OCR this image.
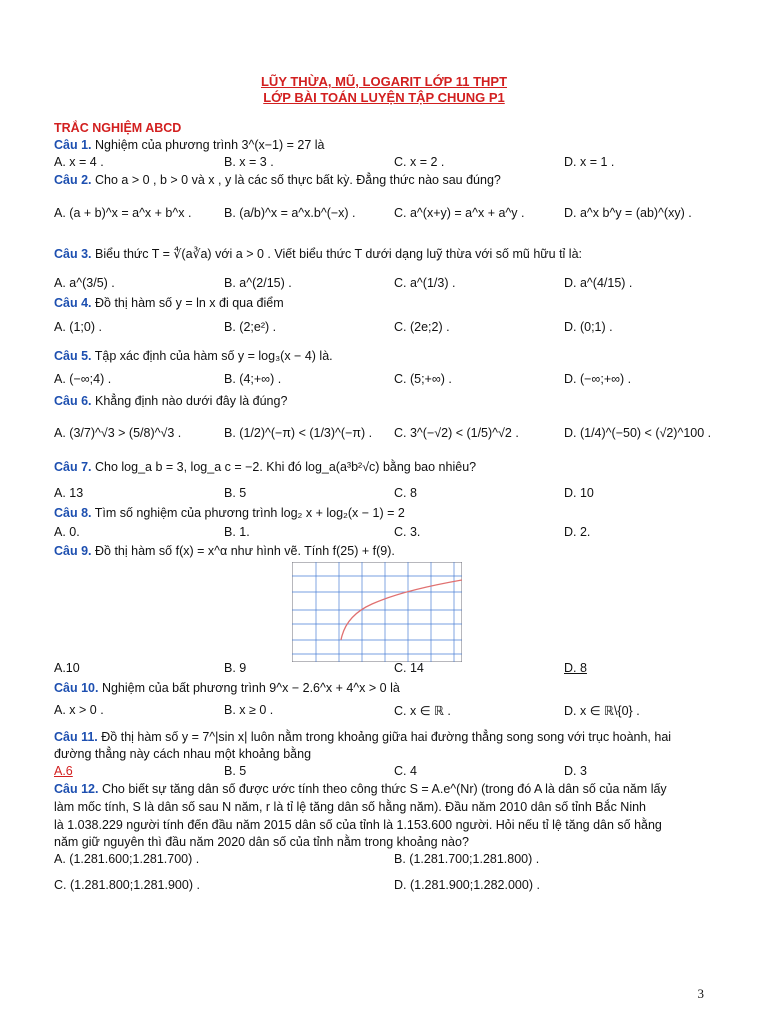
LŨY THỪA, MŨ, LOGARIT LỚP 11 THPT
LỚP BÀI TOÁN LUYỆN TẬP CHUNG P1
TRẮC NGHIỆM ABCD
Câu 1. Nghiệm của phương trình 3^(x−1) = 27 là
A. x = 4 .	B. x = 3 .	C. x = 2 .	D. x = 1 .
Câu 2. Cho a > 0 , b > 0 và x , y là các số thực bất kỳ. Đẳng thức nào sau đúng?
A. (a + b)^x = a^x + b^x .	B. (a/b)^x = a^x.b^(−x) .	C. a^(x+y) = a^x + a^y .	D. a^x b^y = (ab)^(xy) .
Câu 3. Biểu thức T = ∜(a∛a) với a > 0 . Viết biểu thức T dưới dạng luỹ thừa với số mũ hữu tỉ là:
A. a^(3/5) .	B. a^(2/15) .	C. a^(1/3) .	D. a^(4/15) .
Câu 4. Đồ thị hàm số y = ln x đi qua điểm
A. (1;0) .	B. (2;e²) .	C. (2e;2) .	D. (0;1) .
Câu 5. Tập xác định của hàm số y = log₃(x − 4) là.
A. (−∞;4) .	B. (4;+∞) .	C. (5;+∞) .	D. (−∞;+∞) .
Câu 6. Khẳng định nào dưới đây là đúng?
A. (3/7)^√3 > (5/8)^√3 .	B. (1/2)^(−π) < (1/3)^(−π) . C. 3^(−√2) < (1/5)^√2 .	D. (1/4)^(−50) < (√2)^100 .
Câu 7. Cho log_a b = 3, log_a c = −2. Khi đó log_a(a³b²√c) bằng bao nhiêu?
A. 13	B. 5	C. 8	D. 10
Câu 8. Tìm số nghiệm của phương trình log₂ x + log₂(x − 1) = 2
A. 0.	B. 1.	C. 3.	D. 2.
Câu 9. Đồ thị hàm số f(x) = x^α như hình vẽ. Tính f(25) + f(9).
A.10	B. 9	C. 14	D. 8
Câu 10. Nghiệm của bất phương trình 9^x − 2.6^x + 4^x > 0 là
A. x > 0 .	B. x ≥ 0 .	C. x ∈ ℝ .	D. x ∈ ℝ\{0} .
Câu 11. Đồ thị hàm số y = 7^|sin x| luôn nằm trong khoảng giữa hai đường thẳng song song với trục hoành, hai
đường thẳng này cách nhau một khoảng bằng
A.6	B. 5	C. 4	D. 3
Câu 12. Cho biết sự tăng dân số được ước tính theo công thức S = A.e^(Nr) (trong đó A là dân số của năm lấy
làm mốc tính, S là dân số sau N năm, r là tỉ lệ tăng dân số hằng năm). Đầu năm 2010 dân số tỉnh Bắc Ninh
là 1.038.229 người tính đến đầu năm 2015 dân số của tỉnh là 1.153.600 người. Hỏi nếu tỉ lệ tăng dân số hằng
năm giữ nguyên thì đầu năm 2020 dân số của tỉnh nằm trong khoảng nào?
A. (1.281.600;1.281.700) .	B. (1.281.700;1.281.800) .
C. (1.281.800;1.281.900) .	D. (1.281.900;1.282.000) .
3
